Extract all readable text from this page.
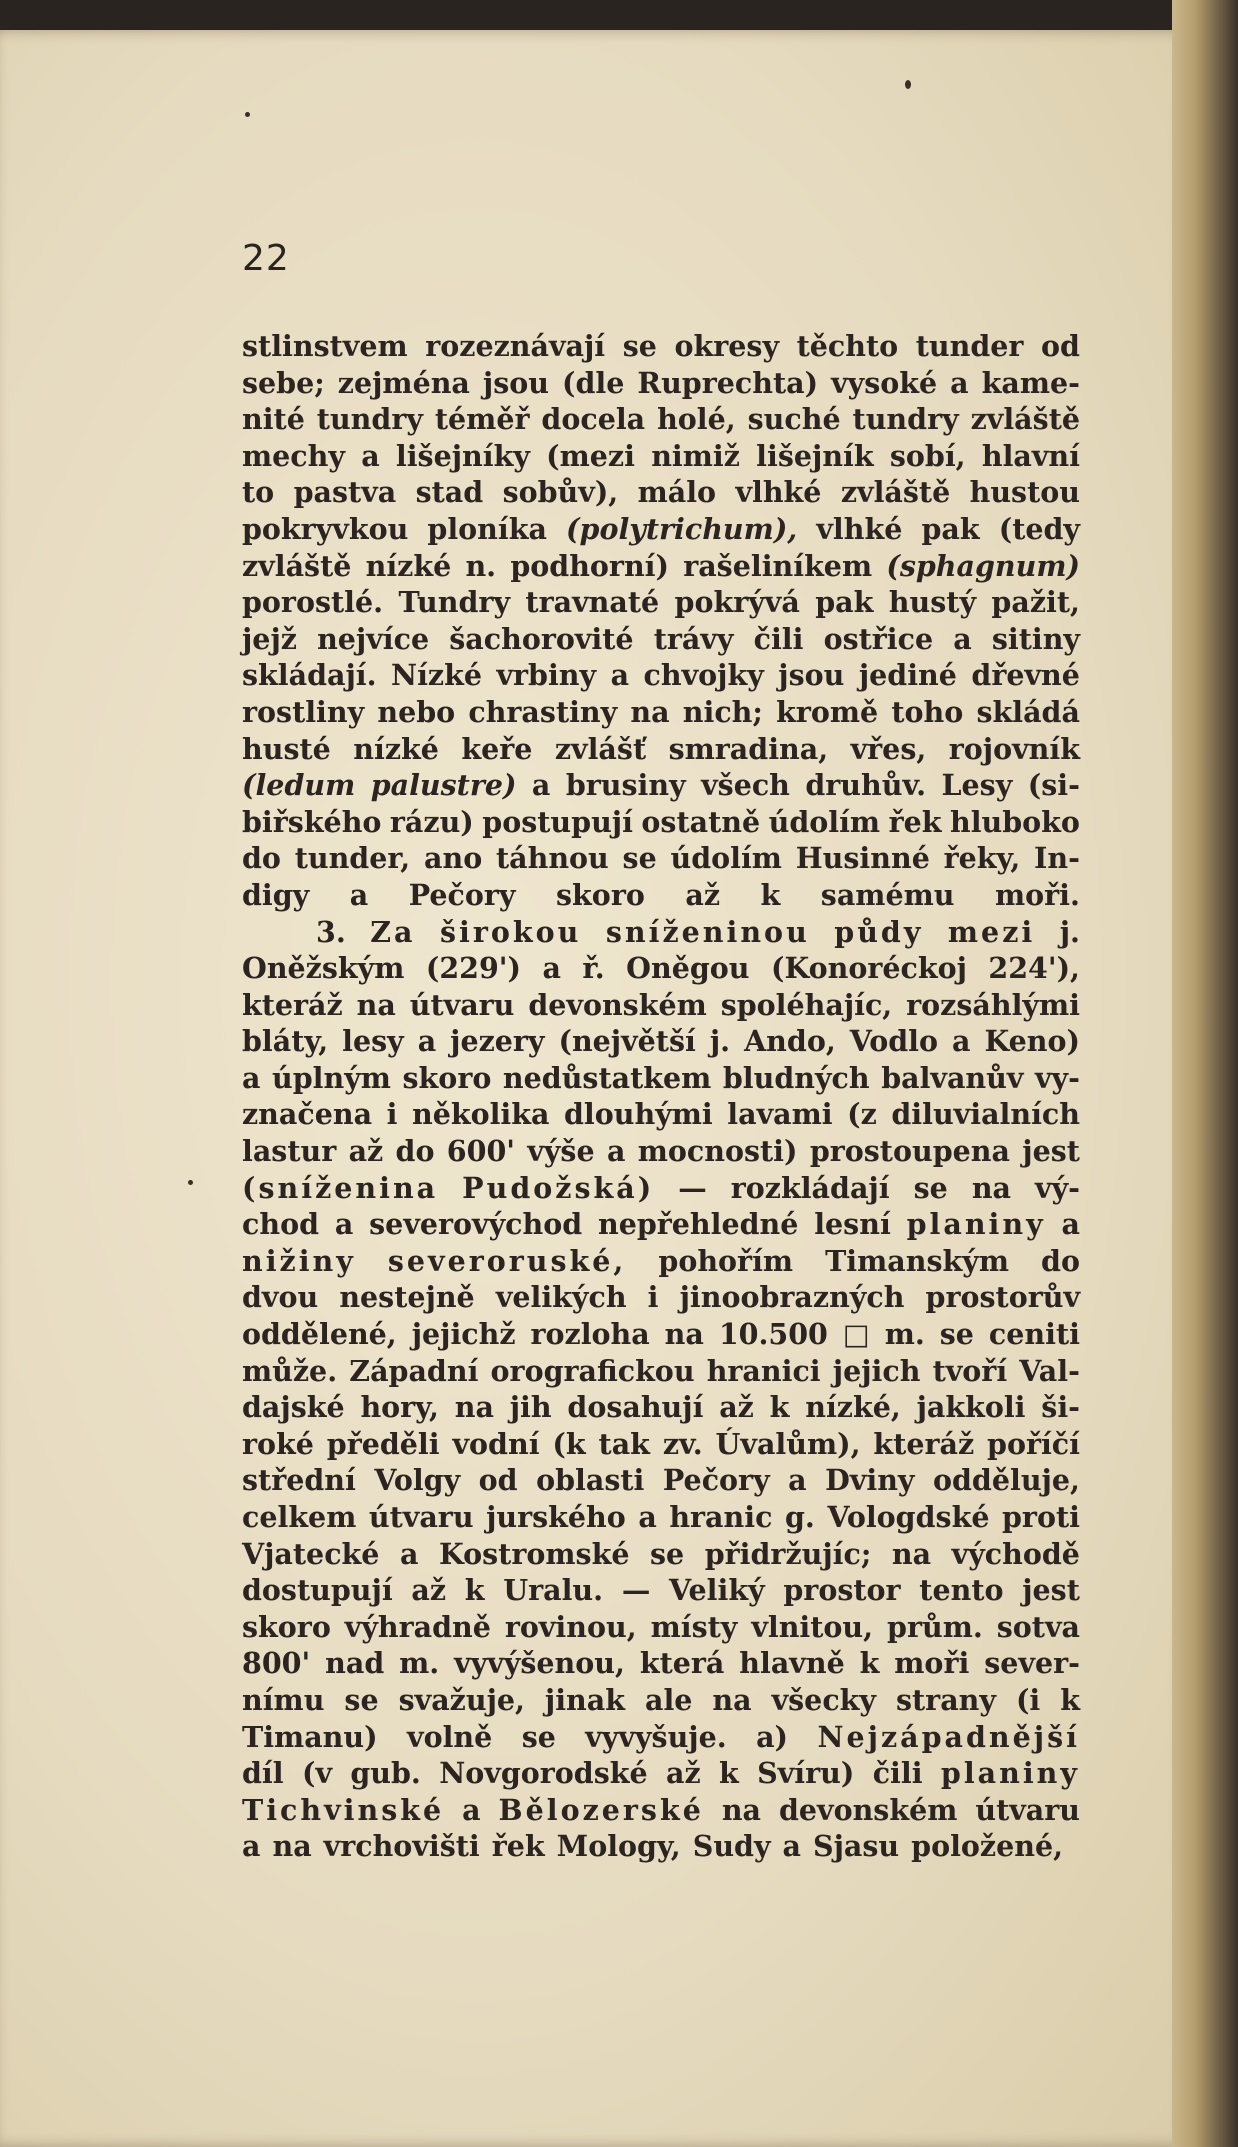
22
stlinstvem rozeznávají se okresy těchto tunder od
sebe; zejména jsou (dle Ruprechta) vysoké a kame-
nité tundry téměř docela holé, suché tundry zvláště
mechy a lišejníky (mezi nimiž lišejník sobí, hlavní
to pastva stad sobův), málo vlhké zvláště hustou
pokryvkou ploníka (polytrichum), vlhké pak (tedy
zvláště nízké n. podhorní) rašeliníkem (sphagnum)
porostlé. Tundry travnaté pokrývá pak hustý pažit,
jejž nejvíce šachorovité trávy čili ostřice a sitiny
skládají. Nízké vrbiny a chvojky jsou jediné dřevné
rostliny nebo chrastiny na nich; kromě toho skládá
husté nízké keře zvlášť smradina, vřes, rojovník
(ledum palustre) a brusiny všech druhův. Lesy (si-
biřského rázu) postupují ostatně údolím řek hluboko
do tunder, ano táhnou se údolím Husinné řeky, In-
digy a Pečory skoro až k samému moři.
3. Za širokou sníženinou půdy mezi j.
Oněžským (229') a ř. Oněgou (Konoréckoj 224'),
kteráž na útvaru devonském spoléhajíc, rozsáhlými
bláty, lesy a jezery (největší j. Ando, Vodlo a Keno)
a úplným skoro nedůstatkem bludných balvanův vy-
značena i několika dlouhými lavami (z diluvialních
lastur až do 600' výše a mocnosti) prostoupena jest
(sníženina Pudožská) — rozkládají se na vý-
chod a severovýchod nepřehledné lesní planiny a
nižiny severoruské, pohořím Timanským do
dvou nestejně velikých i jinoobrazných prostorův
oddělené, jejichž rozloha na 10.500 □ m. se ceniti
může. Západní orografickou hranici jejich tvoří Val-
dajské hory, na jih dosahují až k nízké, jakkoli ši-
roké předěli vodní (k tak zv. Úvalům), kteráž poříčí
střední Volgy od oblasti Pečory a Dviny odděluje,
celkem útvaru jurského a hranic g. Vologdské proti
Vjatecké a Kostromské se přidržujíc; na východě
dostupují až k Uralu. — Veliký prostor tento jest
skoro výhradně rovinou, místy vlnitou, prům. sotva
800' nad m. vyvýšenou, která hlavně k moři sever-
nímu se svažuje, jinak ale na všecky strany (i k
Timanu) volně se vyvyšuje. a) Nejzápadnější
díl (v gub. Novgorodské až k Svíru) čili planiny
Tichvinské a Bělozerské na devonském útvaru
a na vrchovišti řek Mology, Sudy a Sjasu položené,
